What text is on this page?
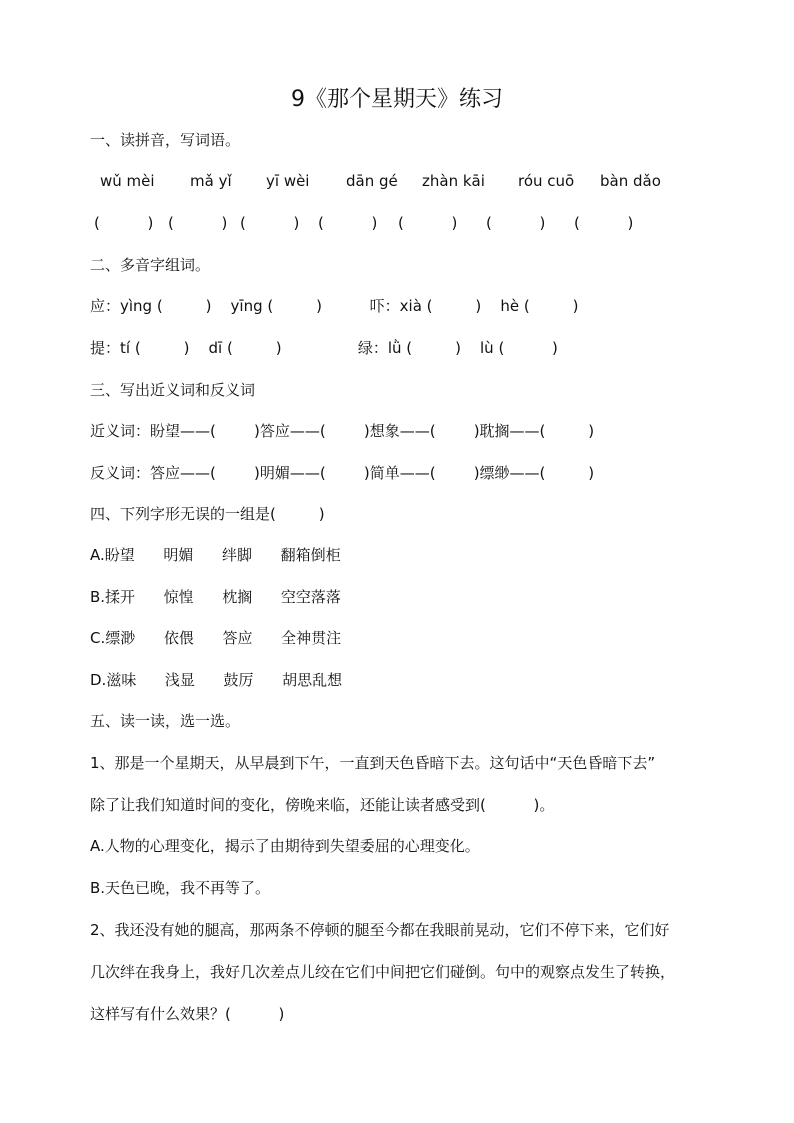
9《那个星期天》练习
一、读拼音，写词语。
wǔ mèi mǎ yǐ yī wèi dān gé zhàn kāi róu cuō bàn dǎo
(          ) (          ) (          ) (          ) (          ) (          ) (          )
二、多音字组词。
应：yìng (         )    yīng (         )          吓：xià (         )    hè (         )
提：tí (         )    dī (         )                绿：lǜ (         )    lù (          )
三、写出近义词和反义词
近义词：盼望——(        )答应——(        )想象——(        )耽搁——(         )
反义词：答应——(        )明媚——(        )简单——(        )缥缈——(         )
四、下列字形无误的一组是(         )
A.盼望      明媚      绊脚      翻箱倒柜
B.揉开      惊惶      枕搁      空空落落
C.缥渺      依偎      答应      全神贯注
D.滋味      浅显      鼓厉      胡思乱想
五、读一读，选一选。
1、那是一个星期天，从早晨到下午，一直到天色昏暗下去。这句话中“天色昏暗下去”
除了让我们知道时间的变化，傍晚来临，还能让读者感受到(          )。
A.人物的心理变化，揭示了由期待到失望委屈的心理变化。
B.天色已晚，我不再等了。
2、我还没有她的腿高，那两条不停顿的腿至今都在我眼前晃动，它们不停下来，它们好
几次绊在我身上，我好几次差点儿绞在它们中间把它们碰倒。句中的观察点发生了转换，
这样写有什么效果？(          )
